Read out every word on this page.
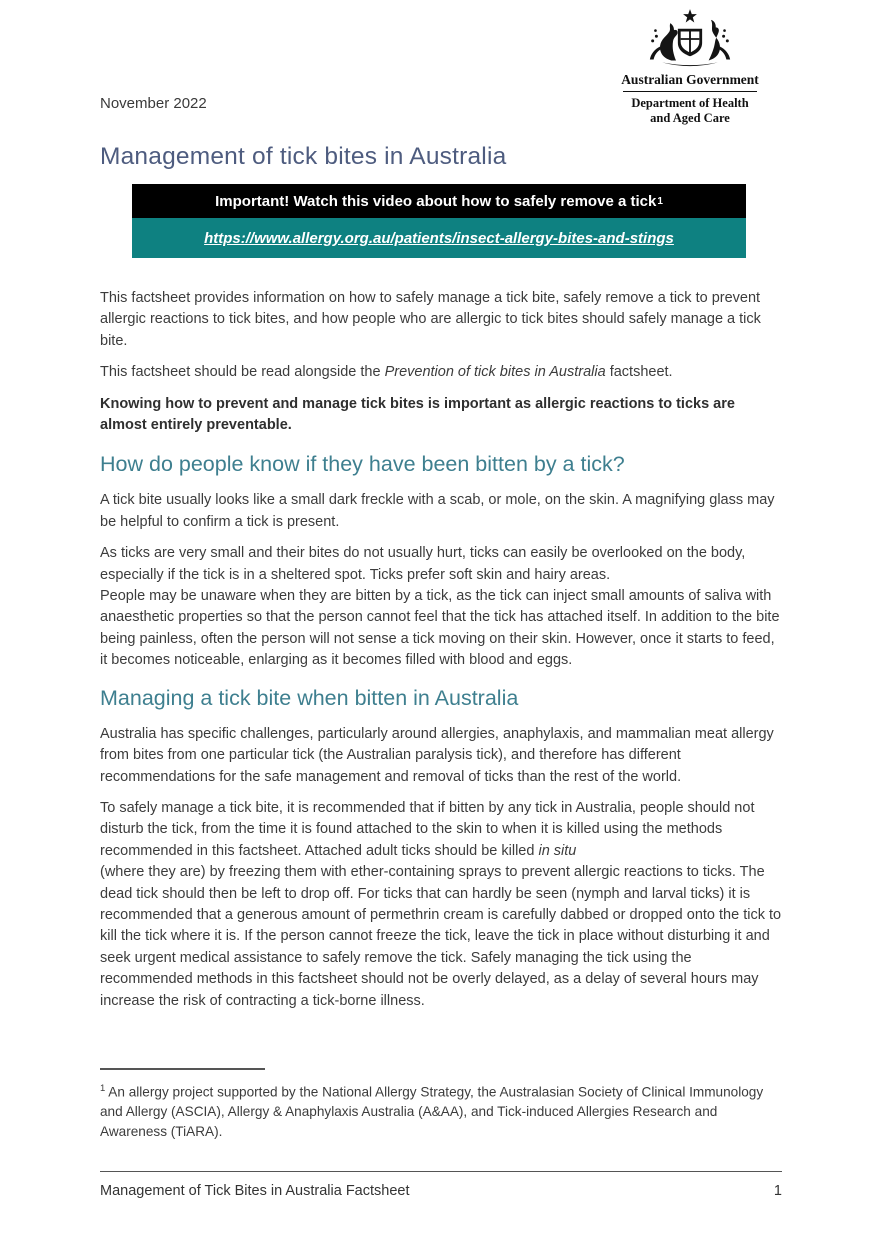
Australian Government
Department of Health
and Aged Care
November 2022
Management of tick bites in Australia
Important! Watch this video about how to safely remove a tick 1
https://www.allergy.org.au/patients/insect-allergy-bites-and-stings

This factsheet provides information on how to safely manage a tick bite, safely remove a tick to prevent allergic reactions to tick bites, and how people who are allergic to tick bites should safely manage a tick bite.

This factsheet should be read alongside the Prevention of tick bites in Australia factsheet.

Knowing how to prevent and manage tick bites is important as allergic reactions to ticks are almost entirely preventable.

How do people know if they have been bitten by a tick?

A tick bite usually looks like a small dark freckle with a scab, or mole, on the skin. A magnifying glass may be helpful to confirm a tick is present.

As ticks are very small and their bites do not usually hurt, ticks can easily be overlooked on the body, especially if the tick is in a sheltered spot. Ticks prefer soft skin and hairy areas.
People may be unaware when they are bitten by a tick, as the tick can inject small amounts of saliva with anaesthetic properties so that the person cannot feel that the tick has attached itself. In addition to the bite being painless, often the person will not sense a tick moving on their skin. However, once it starts to feed, it becomes noticeable, enlarging as it becomes filled with blood and eggs.

Managing a tick bite when bitten in Australia

Australia has specific challenges, particularly around allergies, anaphylaxis, and mammalian meat allergy from bites from one particular tick (the Australian paralysis tick), and therefore has different recommendations for the safe management and removal of ticks than the rest of the world.

To safely manage a tick bite, it is recommended that if bitten by any tick in Australia, people should not disturb the tick, from the time it is found attached to the skin to when it is killed using the methods recommended in this factsheet. Attached adult ticks should be killed in situ
(where they are) by freezing them with ether-containing sprays to prevent allergic reactions to ticks. The dead tick should then be left to drop off. For ticks that can hardly be seen (nymph and larval ticks) it is recommended that a generous amount of permethrin cream is carefully dabbed or dropped onto the tick to kill the tick where it is. If the person cannot freeze the tick, leave the tick in place without disturbing it and seek urgent medical assistance to safely remove the tick. Safely managing the tick using the recommended methods in this factsheet should not be overly delayed, as a delay of several hours may increase the risk of contracting a tick-borne illness.

$^1$ An allergy project supported by the National Allergy Strategy, the Australasian Society of Clinical Immunology and Allergy (ASCIA), Allergy & Anaphylaxis Australia (A&AA), and Tick-induced Allergies Research and Awareness (TiARA).
Management of Tick Bites in Australia Factsheet	1
